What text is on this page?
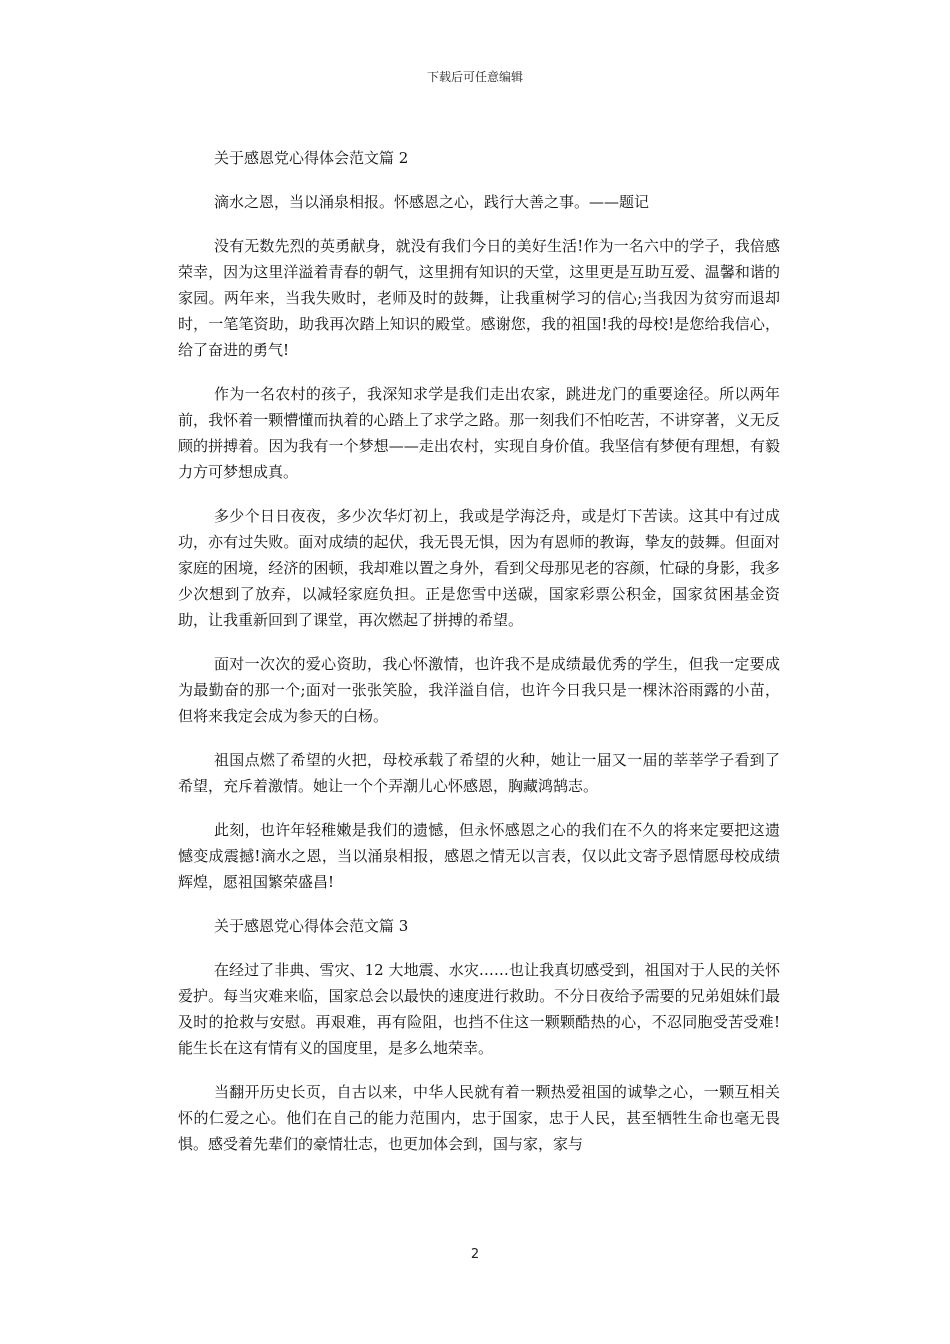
下载后可任意编辑

关于感恩党心得体会范文篇 2

滴水之恩，当以涌泉相报。怀感恩之心，践行大善之事。——题记

没有无数先烈的英勇献身，就没有我们今日的美好生活!作为一名六中的学子，我倍感荣幸，因为这里洋溢着青春的朝气，这里拥有知识的天堂，这里更是互助互爱、温馨和谐的家园。两年来，当我失败时，老师及时的鼓舞，让我重树学习的信心;当我因为贫穷而退却时，一笔笔资助，助我再次踏上知识的殿堂。感谢您，我的祖国!我的母校!是您给我信心，给了奋进的勇气!

作为一名农村的孩子，我深知求学是我们走出农家，跳进龙门的重要途径。所以两年前，我怀着一颗懵懂而执着的心踏上了求学之路。那一刻我们不怕吃苦，不讲穿著，义无反顾的拼搏着。因为我有一个梦想——走出农村，实现自身价值。我坚信有梦便有理想，有毅力方可梦想成真。

多少个日日夜夜，多少次华灯初上，我或是学海泛舟，或是灯下苦读。这其中有过成功，亦有过失败。面对成绩的起伏，我无畏无惧，因为有恩师的教诲，挚友的鼓舞。但面对家庭的困境，经济的困顿，我却难以置之身外，看到父母那见老的容颜，忙碌的身影，我多少次想到了放弃，以减轻家庭负担。正是您雪中送碳，国家彩票公积金，国家贫困基金资助，让我重新回到了课堂，再次燃起了拼搏的希望。

面对一次次的爱心资助，我心怀激情，也许我不是成绩最优秀的学生，但我一定要成为最勤奋的那一个;面对一张张笑脸，我洋溢自信，也许今日我只是一棵沐浴雨露的小苗，但将来我定会成为参天的白杨。

祖国点燃了希望的火把，母校承载了希望的火种，她让一届又一届的莘莘学子看到了希望，充斥着激情。她让一个个弄潮儿心怀感恩，胸藏鸿鹄志。

此刻，也许年轻稚嫩是我们的遗憾，但永怀感恩之心的我们在不久的将来定要把这遗憾变成震撼!滴水之恩，当以涌泉相报，感恩之情无以言表，仅以此文寄予恩情愿母校成绩辉煌，愿祖国繁荣盛昌!

关于感恩党心得体会范文篇 3

在经过了非典、雪灾、12 大地震、水灾……也让我真切感受到，祖国对于人民的关怀爱护。每当灾难来临，国家总会以最快的速度进行救助。不分日夜给予需要的兄弟姐妹们最及时的抢救与安慰。再艰难，再有险阻，也挡不住这一颗颗酷热的心，不忍同胞受苦受难!能生长在这有情有义的国度里，是多么地荣幸。

当翻开历史长页，自古以来，中华人民就有着一颗热爱祖国的诚挚之心，一颗互相关怀的仁爱之心。他们在自己的能力范围内，忠于国家，忠于人民，甚至牺牲生命也毫无畏惧。感受着先辈们的豪情壮志，也更加体会到，国与家，家与

2
